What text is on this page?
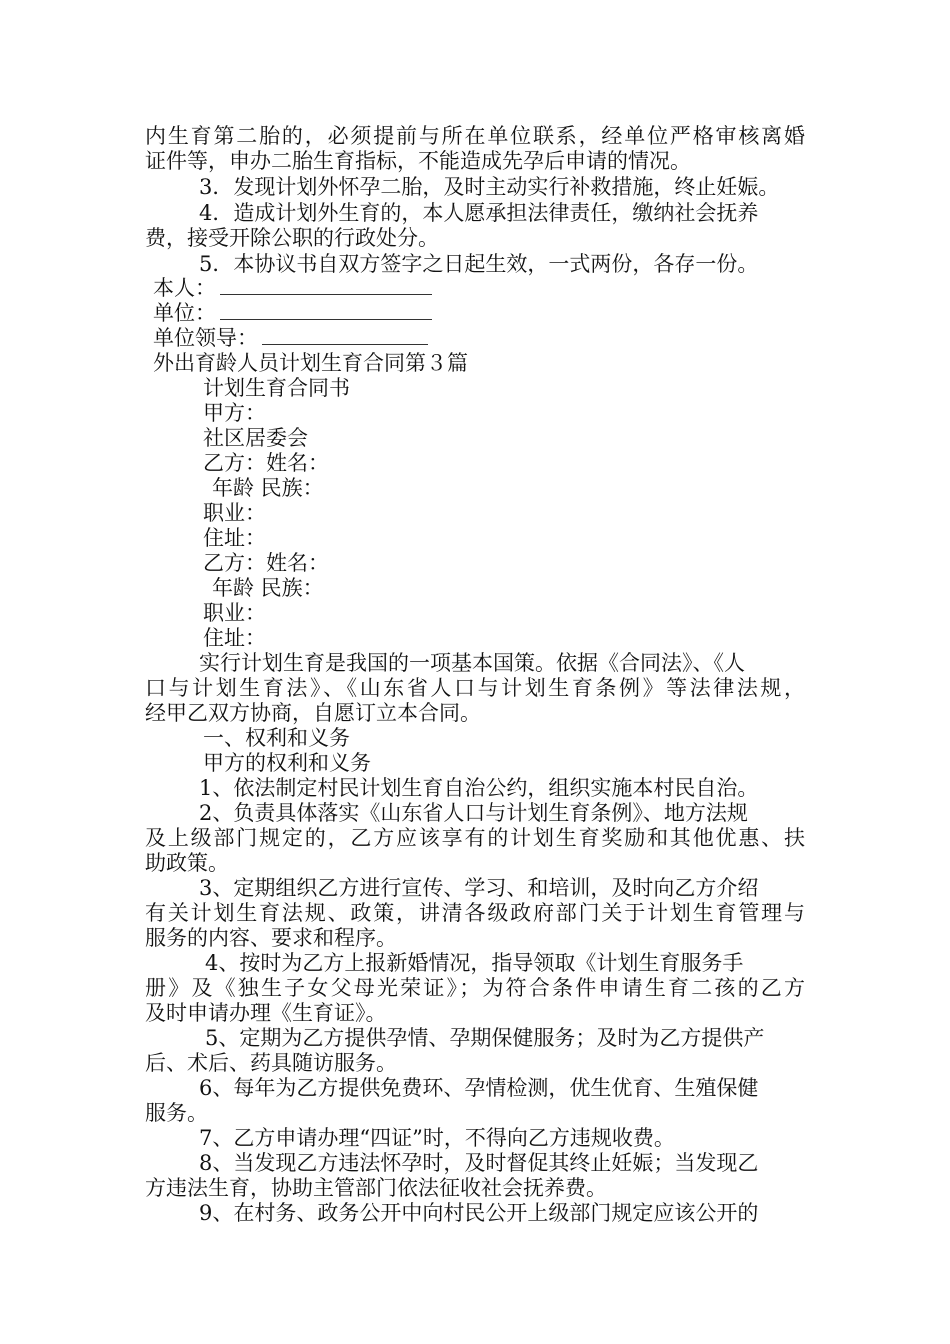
内生育第二胎的，必须提前与所在单位联系，经单位严格审核离婚
证件等，申办二胎生育指标，不能造成先孕后申请的情况。
3．发现计划外怀孕二胎，及时主动实行补救措施，终止妊娠。
4．造成计划外生育的，本人愿承担法律责任，缴纳社会抚养
费，接受开除公职的行政处分。
5．本协议书自双方签字之日起生效，一式两份，各存一份。
本人：
单位：
单位领导：
外出育龄人员计划生育合同第３篇
计划生育合同书
甲方：
社区居委会
乙方：姓名：
年龄 民族：
职业：
住址：
乙方：姓名：
年龄 民族：
职业：
住址：
实行计划生育是我国的一项基本国策。依据《合同法》、《人
口与计划生育法》、《山东省人口与计划生育条例》等法律法规，
经甲乙双方协商，自愿订立本合同。
一、权利和义务
甲方的权利和义务
1、依法制定村民计划生育自治公约，组织实施本村民自治。
2、负责具体落实《山东省人口与计划生育条例》、地方法规
及上级部门规定的，乙方应该享有的计划生育奖励和其他优惠、扶
助政策。
3、定期组织乙方进行宣传、学习、和培训，及时向乙方介绍
有关计划生育法规、政策，讲清各级政府部门关于计划生育管理与
服务的内容、要求和程序。
4、按时为乙方上报新婚情况，指导领取《计划生育服务手
册》及《独生子女父母光荣证》；为符合条件申请生育二孩的乙方
及时申请办理《生育证》。
5、定期为乙方提供孕情、孕期保健服务；及时为乙方提供产
后、术后、药具随访服务。
6、每年为乙方提供免费环、孕情检测，优生优育、生殖保健
服务。
7、乙方申请办理“四证”时，不得向乙方违规收费。
8、当发现乙方违法怀孕时，及时督促其终止妊娠；当发现乙
方违法生育，协助主管部门依法征收社会抚养费。
9、在村务、政务公开中向村民公开上级部门规定应该公开的
